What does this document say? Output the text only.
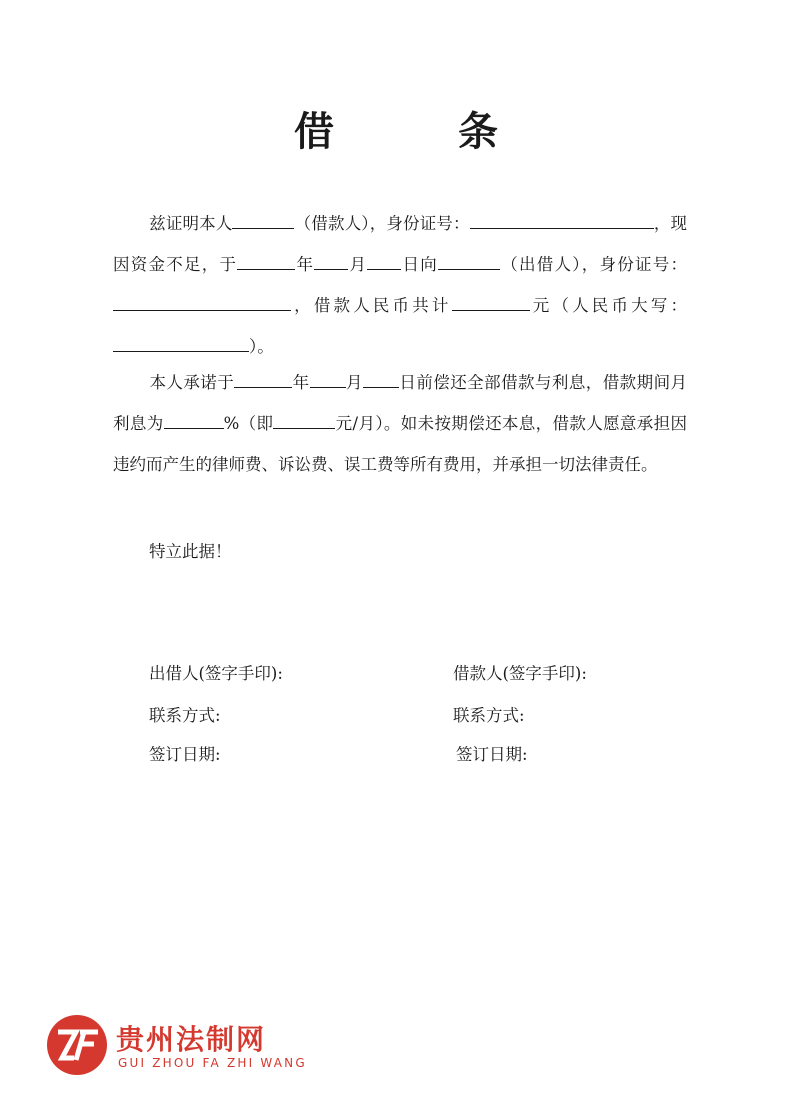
借　条
兹证明本人	（借款人），身份证号：	，现因资金不足，于	年 月 日向	（出借人），身份证号：，借款人民币共计	元（人民币大写：）。
本人承诺于	年 月 日前偿还全部借款与利息，借款期间月利息为	%（即	元/月）。如未按期偿还本息，借款人愿意承担因违约而产生的律师费、诉讼费、误工费等所有费用，并承担一切法律责任。
特立此据！
出借人(签字手印):
联系方式:
签订日期:
借款人(签字手印):
联系方式:
签订日期:
贵州法制网
GUI ZHOU FA ZHI WANG
